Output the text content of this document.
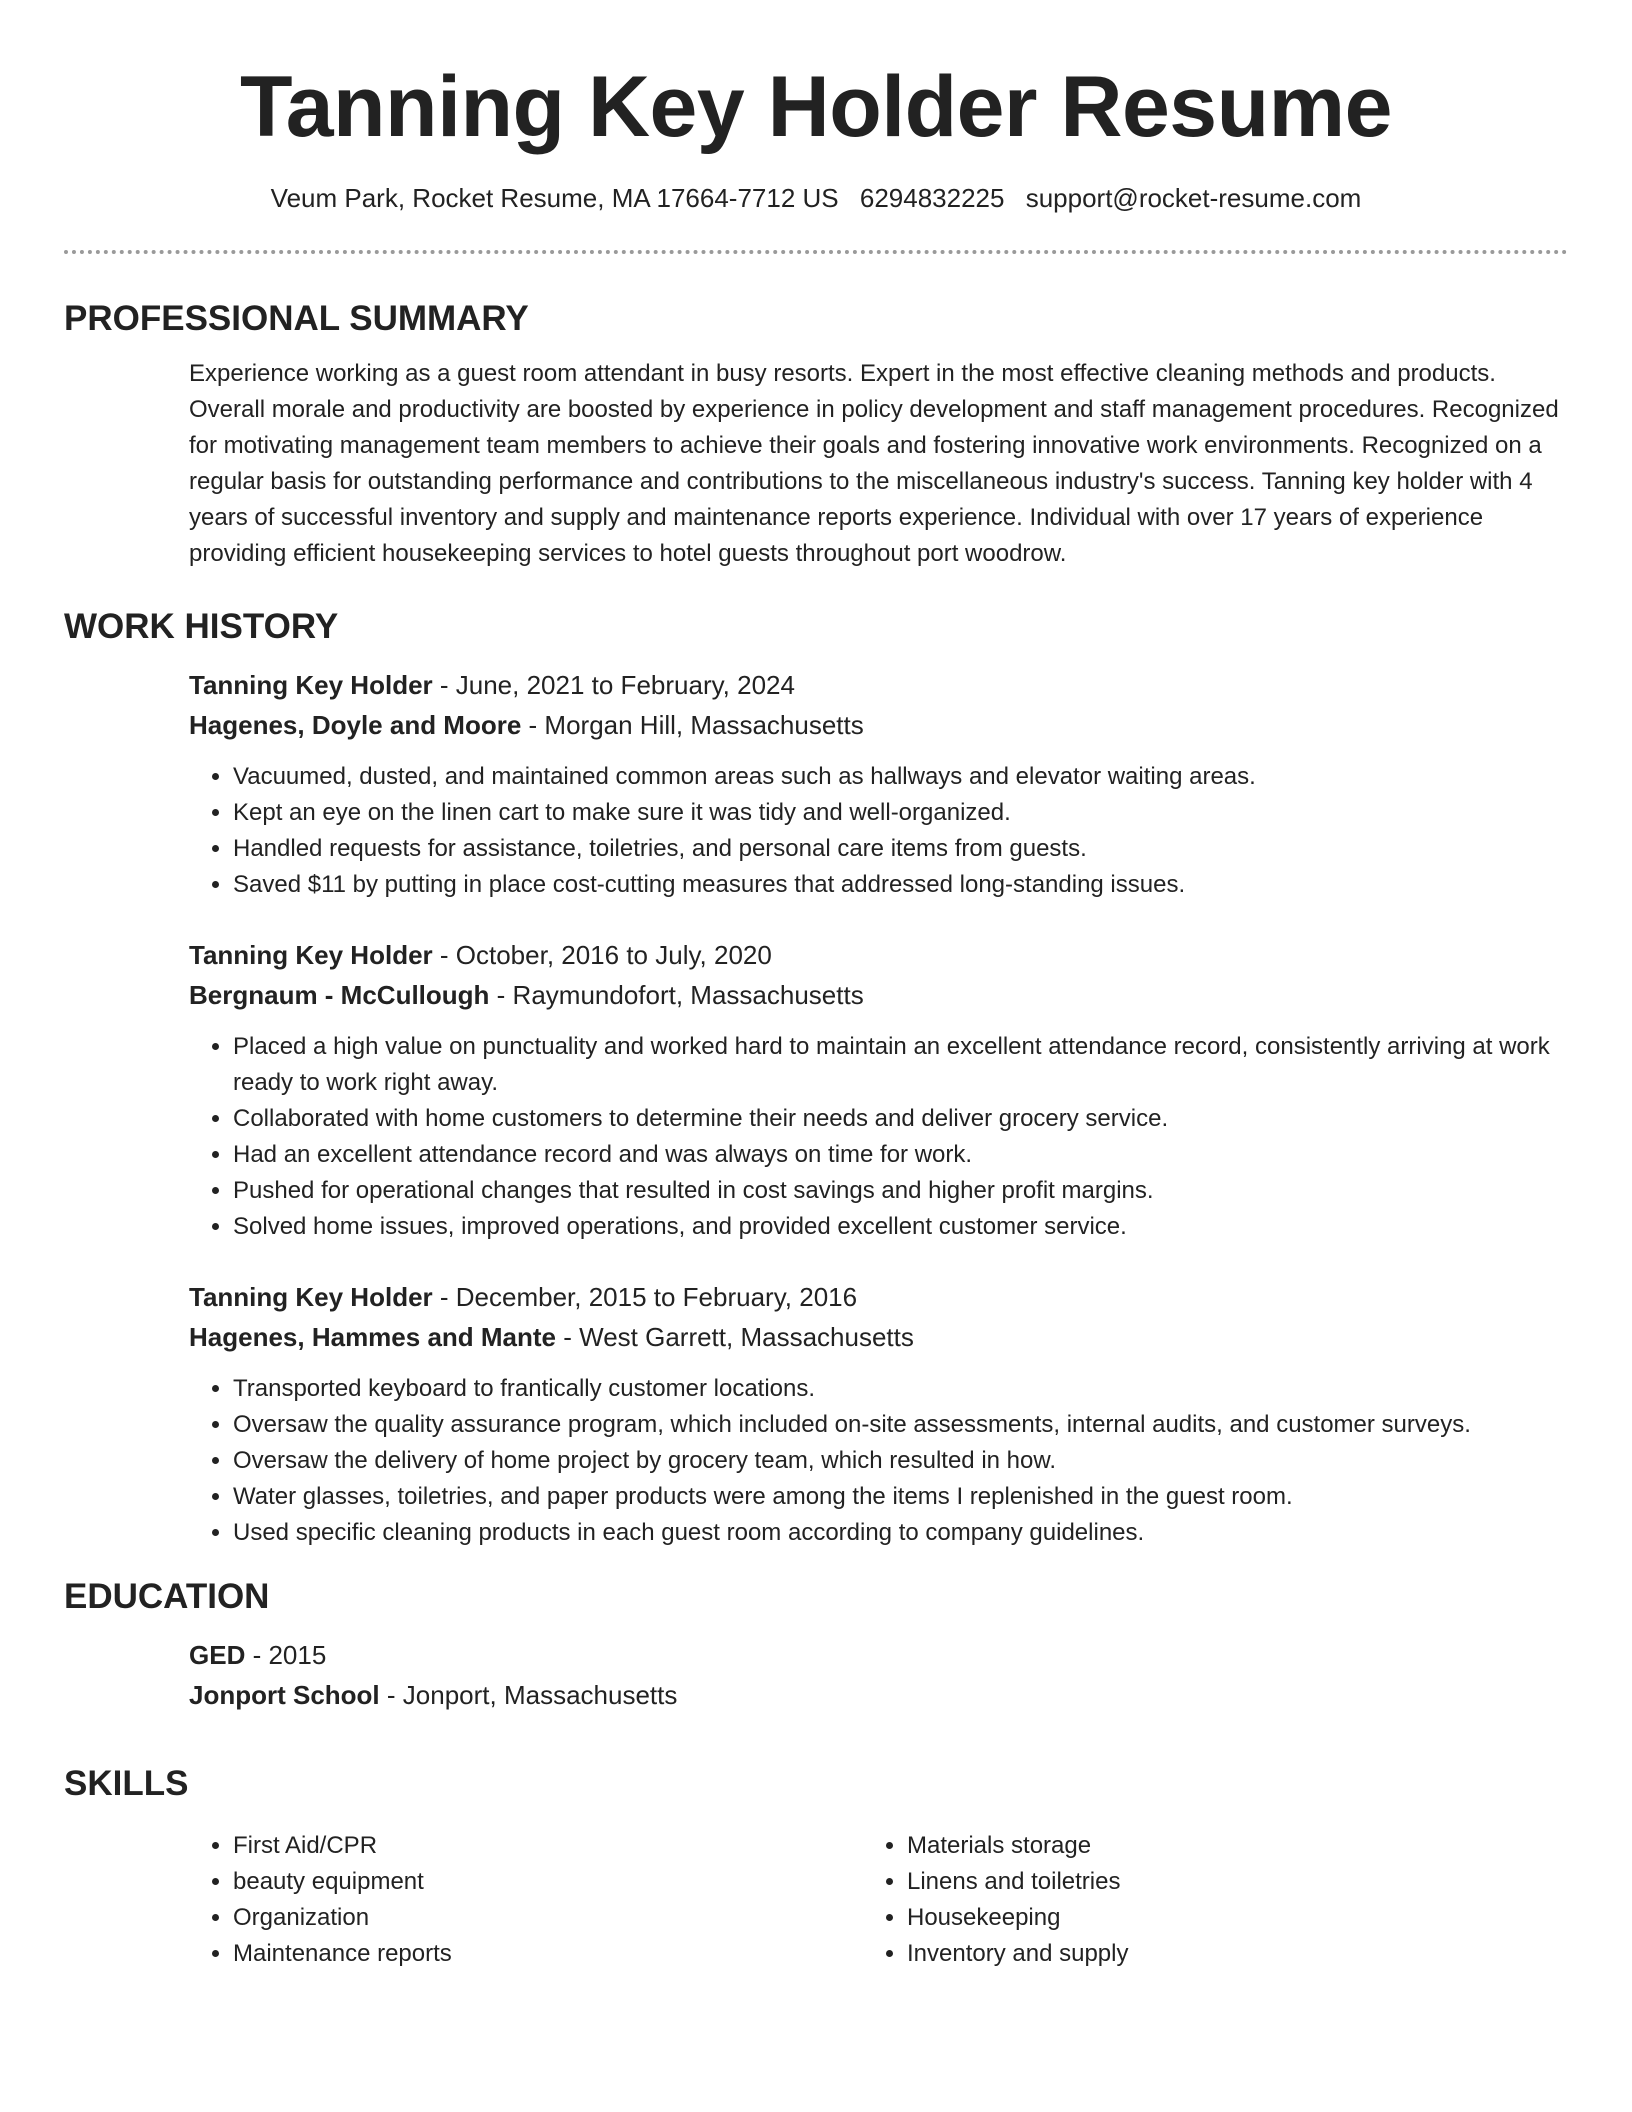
Tanning Key Holder Resume
Veum Park, Rocket Resume, MA 17664-7712 US 6294832225 support@rocket-resume.com
PROFESSIONAL SUMMARY

Experience working as a guest room attendant in busy resorts. Expert in the most effective cleaning methods and products. Overall morale and productivity are boosted by experience in policy development and staff management procedures. Recognized for motivating management team members to achieve their goals and fostering innovative work environments. Recognized on a regular basis for outstanding performance and contributions to the miscellaneous industry's success. Tanning key holder with 4 years of successful inventory and supply and maintenance reports experience. Individual with over 17 years of experience providing efficient housekeeping services to hotel guests throughout port woodrow.

WORK HISTORY

Tanning Key Holder - June, 2021 to February, 2024

Hagenes, Doyle and Moore - Morgan Hill, Massachusetts

• Vacuumed, dusted, and maintained common areas such as hallways and elevator waiting areas.
• Kept an eye on the linen cart to make sure it was tidy and well-organized.
• Handled requests for assistance, toiletries, and personal care items from guests.
• Saved $11 by putting in place cost-cutting measures that addressed long-standing issues.

Tanning Key Holder - October, 2016 to July, 2020

Bergnaum - McCullough - Raymundofort, Massachusetts

• Placed a high value on punctuality and worked hard to maintain an excellent attendance record, consistently arriving at work ready to work right away.
• Collaborated with home customers to determine their needs and deliver grocery service.
• Had an excellent attendance record and was always on time for work.
• Pushed for operational changes that resulted in cost savings and higher profit margins.
• Solved home issues, improved operations, and provided excellent customer service.

Tanning Key Holder - December, 2015 to February, 2016

Hagenes, Hammes and Mante - West Garrett, Massachusetts

• Transported keyboard to frantically customer locations.
• Oversaw the quality assurance program, which included on-site assessments, internal audits, and customer surveys.
• Oversaw the delivery of home project by grocery team, which resulted in how.
• Water glasses, toiletries, and paper products were among the items I replenished in the guest room.
• Used specific cleaning products in each guest room according to company guidelines.
EDUCATION

GED - 2015

Jonport School - Jonport, Massachusetts

SKILLS
• First Aid/CPR
• beauty equipment
• Organization
• Maintenance reports
• Materials storage
• Linens and toiletries
• Housekeeping
• Inventory and supply
